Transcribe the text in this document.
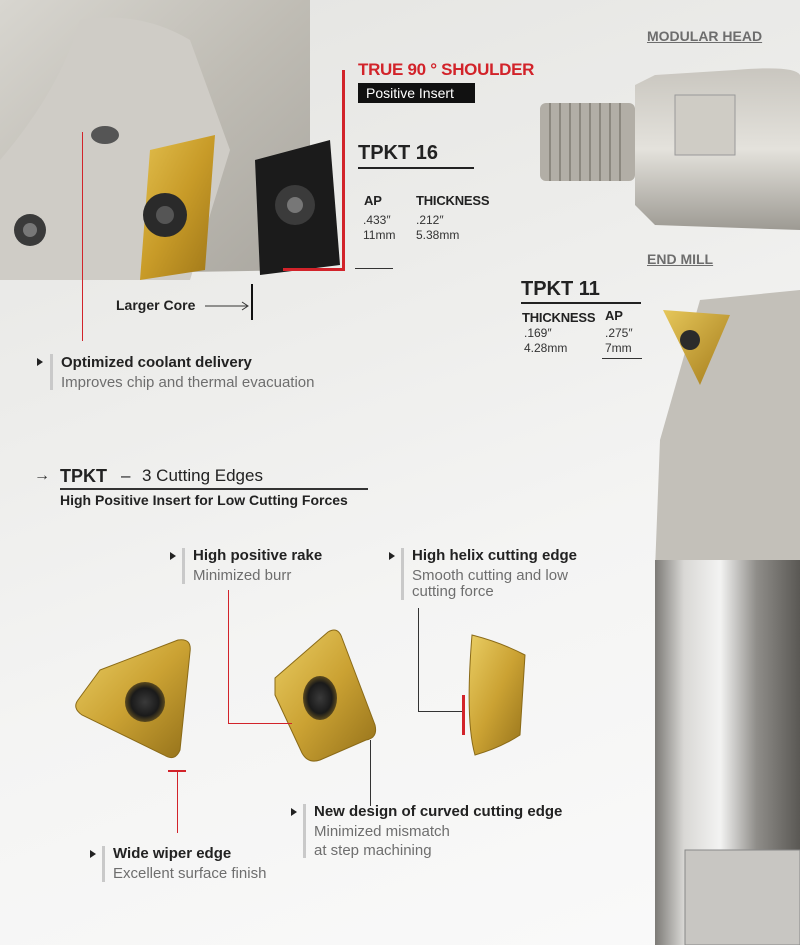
TRUE 90 ° SHOULDER
Positive Insert
TPKT 16
AP
.433″
11mm
THICKNESS
.212″
5.38mm
Larger Core
Optimized coolant delivery
Improves chip and thermal evacuation
MODULAR HEAD
END MILL
TPKT 11
THICKNESS
.169″
4.28mm
AP
.275″
7mm
→ TPKT – 3 Cutting Edges
High Positive Insert for Low Cutting Forces
High positive rake
Minimized burr
High helix cutting edge
Smooth cutting and low
cutting force
New design of curved cutting edge
Minimized mismatch
at step machining
Wide wiper edge
Excellent surface finish
